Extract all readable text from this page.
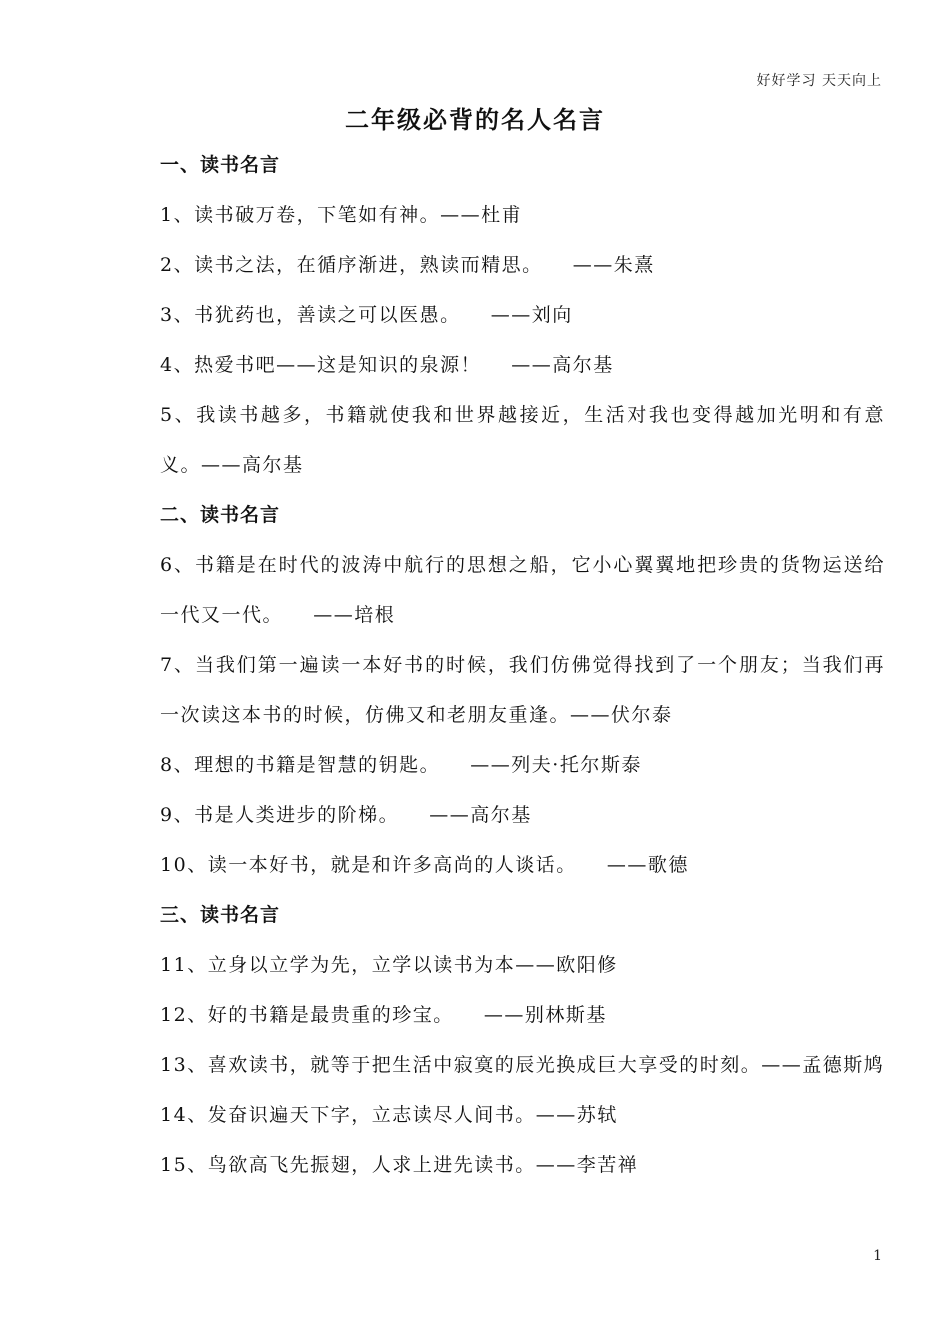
好好学习 天天向上
二年级必背的名人名言
一、读书名言

1、读书破万卷，下笔如有神。——杜甫

2、读书之法，在循序渐进，熟读而精思。 ——朱熹

3、书犹药也，善读之可以医愚。 ——刘向

4、热爱书吧——这是知识的泉源！ ——高尔基

5、我读书越多，书籍就使我和世界越接近，生活对我也变得越加光明和有意义。——高尔基

二、读书名言

6、书籍是在时代的波涛中航行的思想之船，它小心翼翼地把珍贵的货物运送给一代又一代。 ——培根

7、当我们第一遍读一本好书的时候，我们仿佛觉得找到了一个朋友；当我们再一次读这本书的时候，仿佛又和老朋友重逢。——伏尔泰

8、理想的书籍是智慧的钥匙。 ——列夫·托尔斯泰

9、书是人类进步的阶梯。 ——高尔基

10、读一本好书，就是和许多高尚的人谈话。 ——歌德

三、读书名言

11、立身以立学为先，立学以读书为本——欧阳修

12、好的书籍是最贵重的珍宝。 ——别林斯基

13、喜欢读书，就等于把生活中寂寞的辰光换成巨大享受的时刻。——孟德斯鸠

14、发奋识遍天下字，立志读尽人间书。——苏轼

15、鸟欲高飞先振翅，人求上进先读书。——李苦禅

1
